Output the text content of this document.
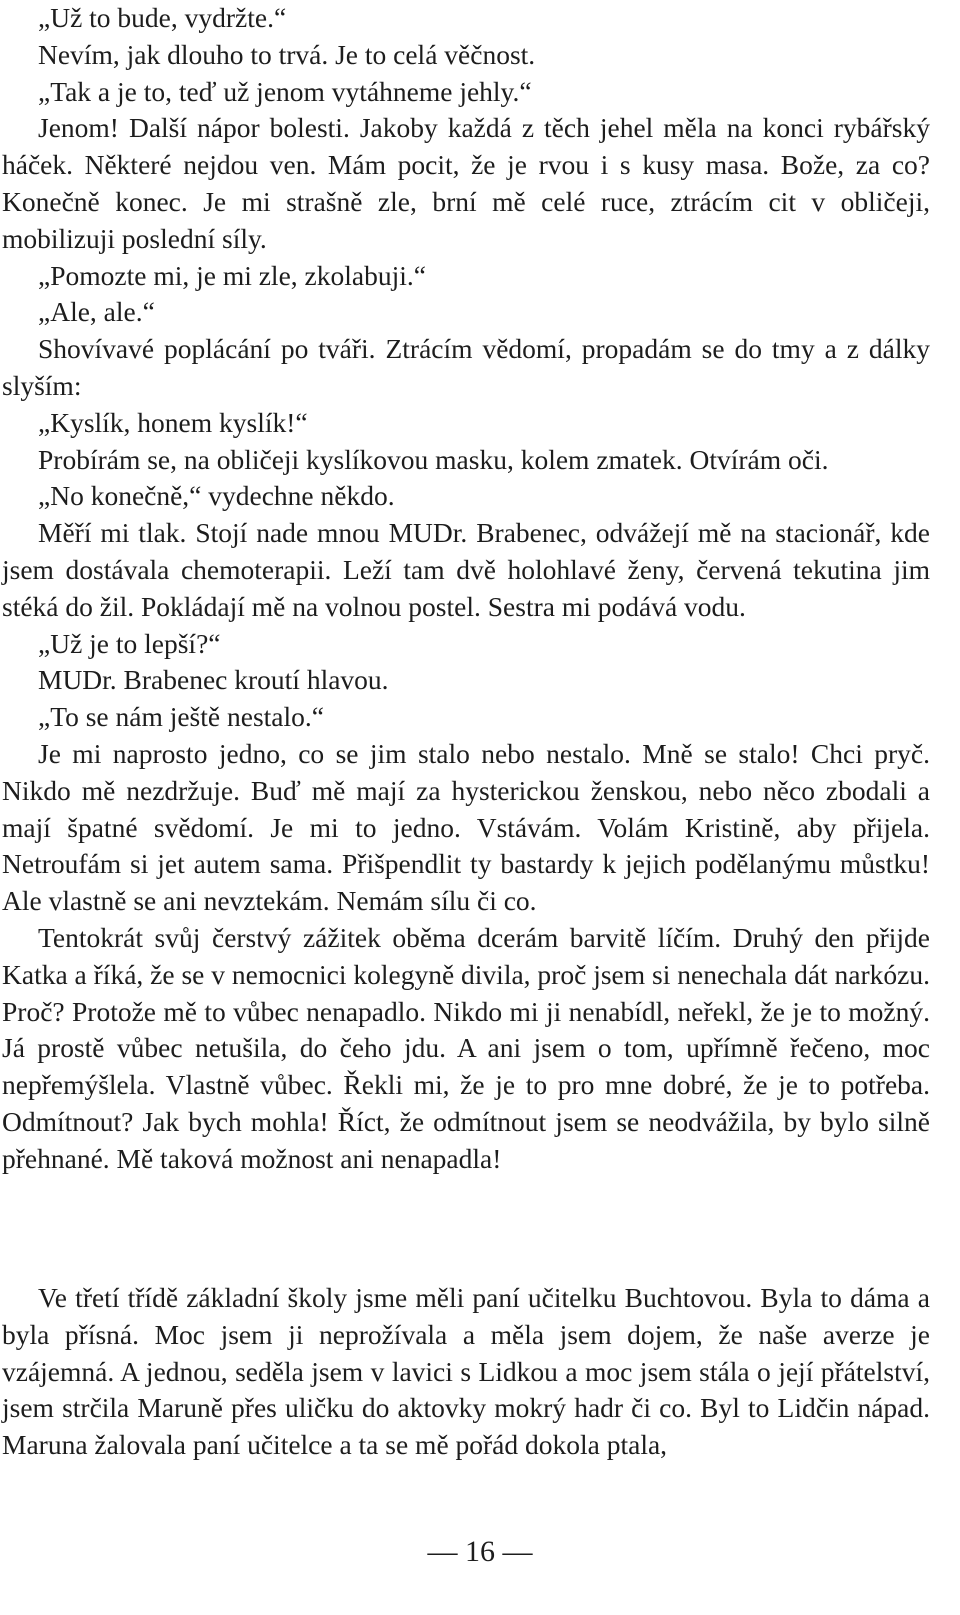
„Už to bude, vydržte.“

Nevím, jak dlouho to trvá. Je to celá věčnost.

„Tak a je to, teď už jenom vytáhneme jehly.“

Jenom! Další nápor bolesti. Jakoby každá z těch jehel měla na konci rybářský háček. Některé nejdou ven. Mám pocit, že je rvou i s kusy masa. Bože, za co? Konečně konec. Je mi strašně zle, brní mě celé ruce, ztrácím cit v obličeji, mobilizuji poslední síly.

„Pomozte mi, je mi zle, zkolabuji.“

„Ale, ale.“

Shovívavé poplácání po tváři. Ztrácím vědomí, propadám se do tmy a z dálky slyším:

„Kyslík, honem kyslík!“

Probírám se, na obličeji kyslíkovou masku, kolem zmatek. Otvírám oči.

„No konečně,“ vydechne někdo.

Měří mi tlak. Stojí nade mnou MUDr. Brabenec, odvážejí mě na stacionář, kde jsem dostávala chemoterapii. Leží tam dvě holohlavé ženy, červená tekutina jim stéká do žil. Pokládají mě na volnou postel. Sestra mi podává vodu.

„Už je to lepší?“

MUDr. Brabenec kroutí hlavou.

„To se nám ještě nestalo.“

Je mi naprosto jedno, co se jim stalo nebo nestalo. Mně se stalo! Chci pryč. Nikdo mě nezdržuje. Buď mě mají za hysterickou ženskou, nebo něco zbodali a mají špatné svědomí. Je mi to jedno. Vstávám. Volám Kristině, aby přijela. Netroufám si jet autem sama. Přišpendlit ty bastardy k jejich podělanýmu můstku! Ale vlastně se ani nevztekám. Nemám sílu či co.

Tentokrát svůj čerstvý zážitek oběma dcerám barvitě líčím. Druhý den přijde Katka a říká, že se v nemocnici kolegyně divila, proč jsem si nenechala dát narkózu. Proč? Protože mě to vůbec nenapadlo. Nikdo mi ji nenabídl, neřekl, že je to možný. Já prostě vůbec netušila, do čeho jdu. A ani jsem o tom, upřímně řečeno, moc nepřemýšlela. Vlastně vůbec. Řekli mi, že je to pro mne dobré, že je to potřeba. Odmítnout? Jak bych mohla! Říct, že odmítnout jsem se neodvážila, by bylo silně přehnané. Mě taková možnost ani nenapadla!

Ve třetí třídě základní školy jsme měli paní učitelku Buchtovou. Byla to dáma a byla přísná. Moc jsem ji neprožívala a měla jsem dojem, že naše averze je vzájemná. A jednou, seděla jsem v lavici s Lidkou a moc jsem stála o její přátelství, jsem strčila Maruně přes uličku do aktovky mokrý hadr či co. Byl to Lidčin nápad. Maruna žalovala paní učitelce a ta se mě pořád dokola ptala,

— 16 —
